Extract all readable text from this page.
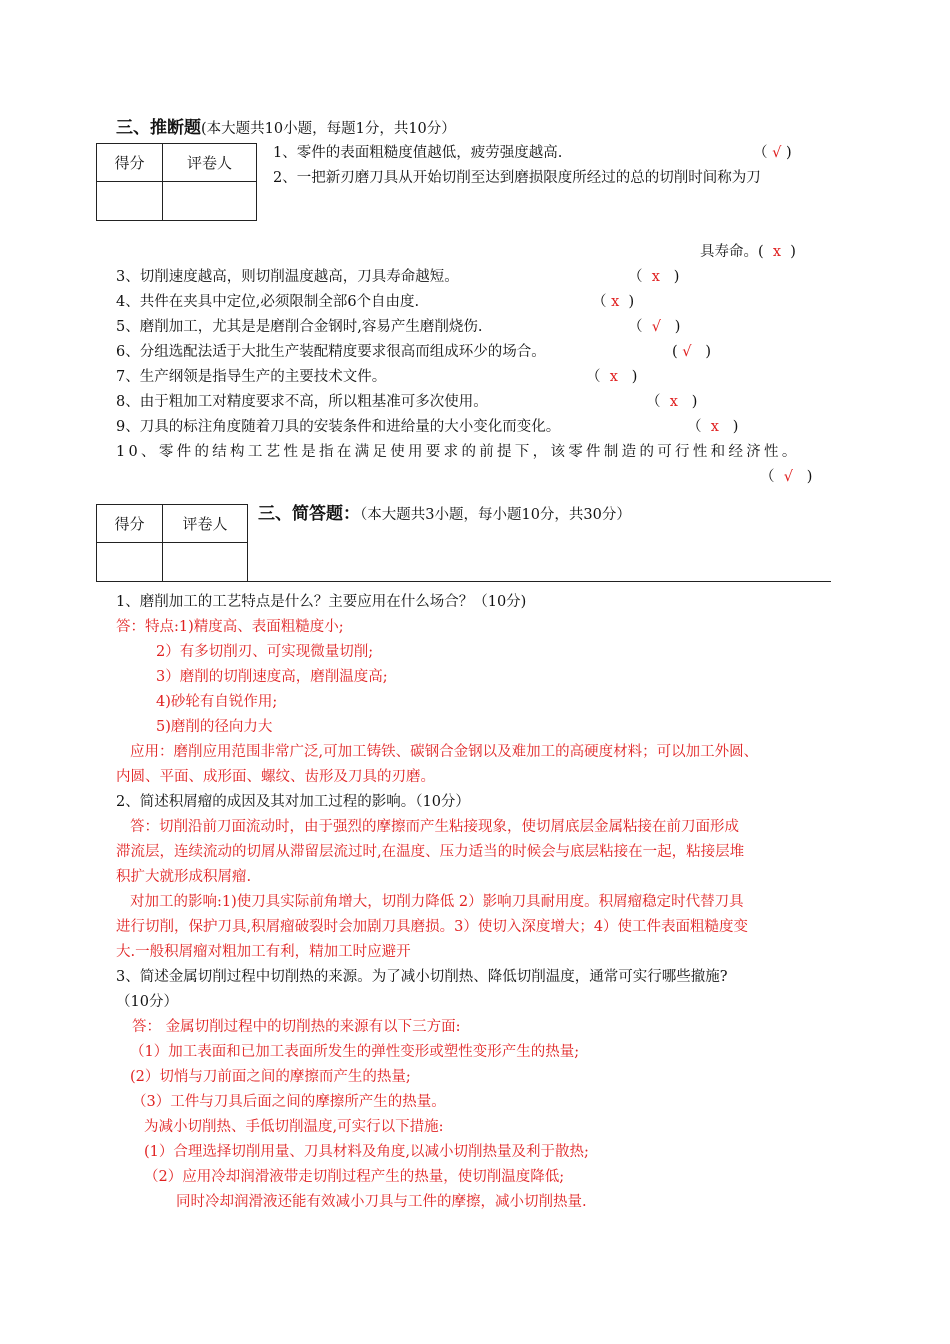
三、推断题(本大题共10小题，每题1分，共10分）
得分	评卷人

1、零件的表面粗糙度值越低，疲劳强度越高.	（ √ )
2、一把新刃磨刀具从开始切削至达到磨损限度所经过的总的切削时间称为刀
具寿命。( x )
3、切削速度越高，则切削温度越高，刀具寿命越短。	（ x )
4、共件在夹具中定位,必须限制全部6个自由度.	（ x )
5、磨削加工，尤其是是磨削合金钢时,容易产生磨削烧伤.	（ √ )
6、分组选配法适于大批生产装配精度要求很高而组成环少的场合。	( √ )
7、生产纲领是指导生产的主要技术文件。	（ x )
8、由于粗加工对精度要求不高，所以粗基准可多次使用。	（ x )
9、刀具的标注角度随着刀具的安装条件和进给量的大小变化而变化。	（ x )
10、零件的结构工艺性是指在满足使用要求的前提下，该零件制造的可行性和经济性。
（ √ )
得分	评卷人
	三、简答题：（本大题共3小题，每小题10分，共30分）
1、磨削加工的工艺特点是什么？主要应用在什么场合？（10分)
答：特点:1)精度高、表面粗糙度小;
2）有多切削刃、可实现微量切削;
3）磨削的切削速度高，磨削温度高;
4)砂轮有自锐作用;
5)磨削的径向力大
应用：磨削应用范围非常广泛,可加工铸铁、碳钢合金钢以及难加工的高硬度材料；可以加工外圆、
内圆、平面、成形面、螺纹、齿形及刀具的刃磨。
2、简述积屑瘤的成因及其对加工过程的影响。（10分）
答：切削沿前刀面流动时，由于强烈的摩擦而产生粘接现象，使切屑底层金属粘接在前刀面形成
滞流层，连续流动的切屑从滞留层流过时,在温度、压力适当的时候会与底层粘接在一起，粘接层堆
积扩大就形成积屑瘤.
对加工的影响:1)使刀具实际前角增大，切削力降低 2）影响刀具耐用度。积屑瘤稳定时代替刀具
进行切削，保护刀具,积屑瘤破裂时会加剧刀具磨损。3）使切入深度增大；4）使工件表面粗糙度变
大.一般积屑瘤对粗加工有利，精加工时应避开
3、简述金属切削过程中切削热的来源。为了减小切削热、降低切削温度，通常可实行哪些撤施?
（10分）
答： 金属切削过程中的切削热的来源有以下三方面:
（1）加工表面和已加工表面所发生的弹性变形或塑性变形产生的热量;
(2）切悄与刀前面之间的摩擦而产生的热量;
（3）工件与刀具后面之间的摩擦所产生的热量。
为减小切削热、手低切削温度,可实行以下措施:
(1）合理选择切削用量、刀具材料及角度,以减小切削热量及利于散热;
（2）应用冷却润滑液带走切削过程产生的热量，使切削温度降低;
同时冷却润滑液还能有效减小刀具与工件的摩擦，减小切削热量.
